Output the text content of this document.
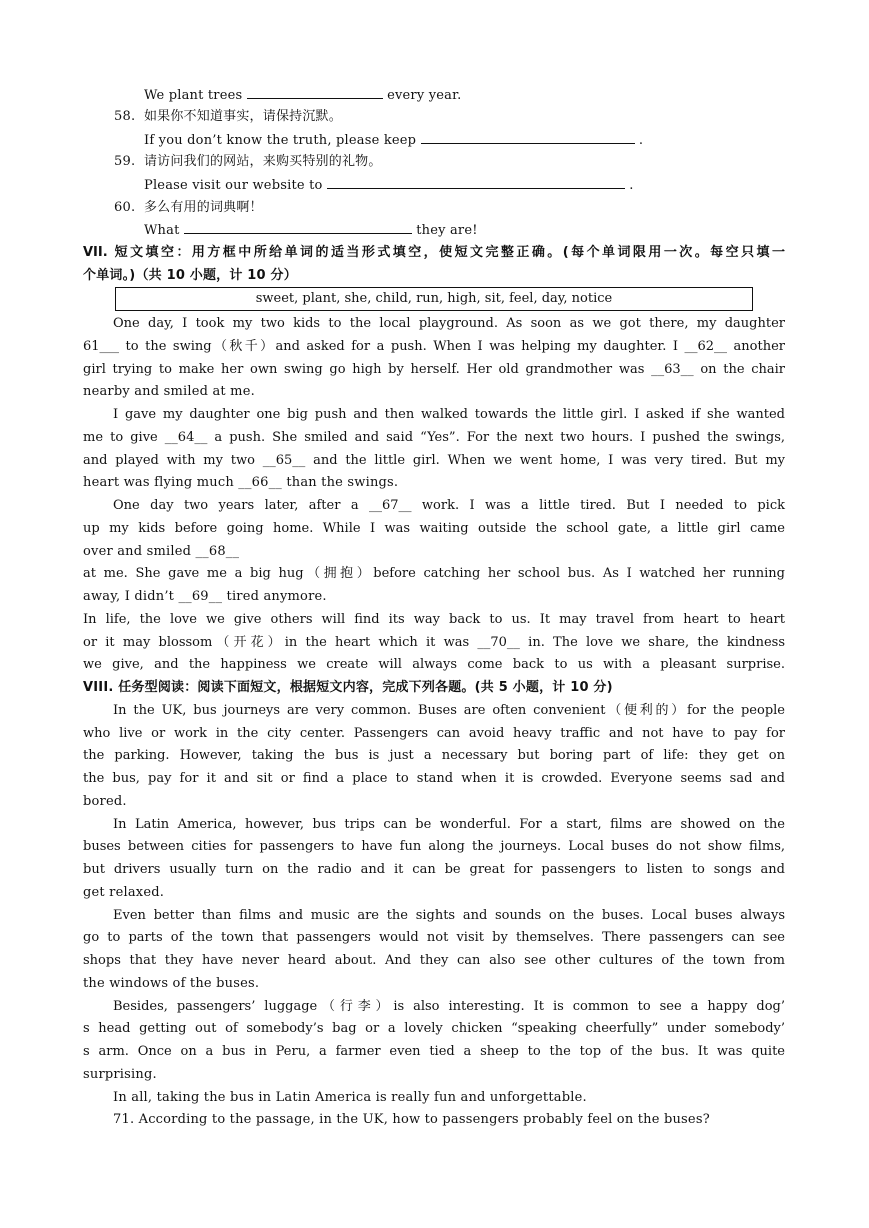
We plant trees	every year.
58.  如果你不知道事实，请保持沉默。
If you don’t know the truth, please keep	.
59.  请访问我们的网站，来购买特别的礼物。
Please visit our website to	.
60.  多么有用的词典啊！
What	they are!
VII. 短文填空：用方框中所给单词的适当形式填空，使短文完整正确。(每个单词限用一次。每空只填一
个单词。)（共 10 小题，计 10 分）
sweet, plant, she, child, run, high, sit, feel, day, notice
One day, I took my two kids to the local playground. As soon as we got there, my daughter
61___ to the swing（秋千）and asked for a push. When I was helping my daughter. I __62__ another
girl trying to make her own swing go high by herself. Her old grandmother was __63__ on the chair
nearby and smiled at me.
I gave my daughter one big push and then walked towards the little girl. I asked if she wanted
me to give __64__ a push. She smiled and said “Yes”. For the next two hours. I pushed the swings,
and played with my two __65__ and the little girl. When we went home, I was very tired. But my
heart was flying much __66__ than the swings.
One day two years later, after a __67__ work. I was a little tired. But I needed to pick
up my kids before going home. While I was waiting outside the school gate, a little girl came
over and smiled __68__
at me. She gave me a big hug（拥抱）before catching her school bus. As I watched her running
away, I didn’t __69__ tired anymore.
In life, the love we give others will find its way back to us. It may travel from heart to heart
or it may blossom（开花）in the heart which it was __70__ in. The love we share, the kindness
we give, and the happiness we create will always come back to us with a pleasant surprise.
VIII. 任务型阅读：阅读下面短文，根据短文内容，完成下列各题。(共 5 小题，计 10 分)
In the UK, bus journeys are very common. Buses are often convenient（便利的）for the people
who live or work in the city center. Passengers can avoid heavy traffic and not have to pay for
the parking. However, taking the bus is just a necessary but boring part of life: they get on
the bus, pay for it and sit or find a place to stand when it is crowded. Everyone seems sad and
bored.
In Latin America, however, bus trips can be wonderful. For a start, films are showed on the
buses between cities for passengers to have fun along the journeys. Local buses do not show films,
but drivers usually turn on the radio and it can be great for passengers to listen to songs and
get relaxed.
Even better than films and music are the sights and sounds on the buses. Local buses always
go to parts of the town that passengers would not visit by themselves. There passengers can see
shops that they have never heard about. And they can also see other cultures of the town from
the windows of the buses.
Besides, passengers’ luggage（行李）is also interesting. It is common to see a happy dog’
s head getting out of somebody’s bag or a lovely chicken “speaking cheerfully” under somebody’
s arm. Once on a bus in Peru, a farmer even tied a sheep to the top of the bus. It was quite
surprising.
In all, taking the bus in Latin America is really fun and unforgettable.
71. According to the passage, in the UK, how to passengers probably feel on the buses?
